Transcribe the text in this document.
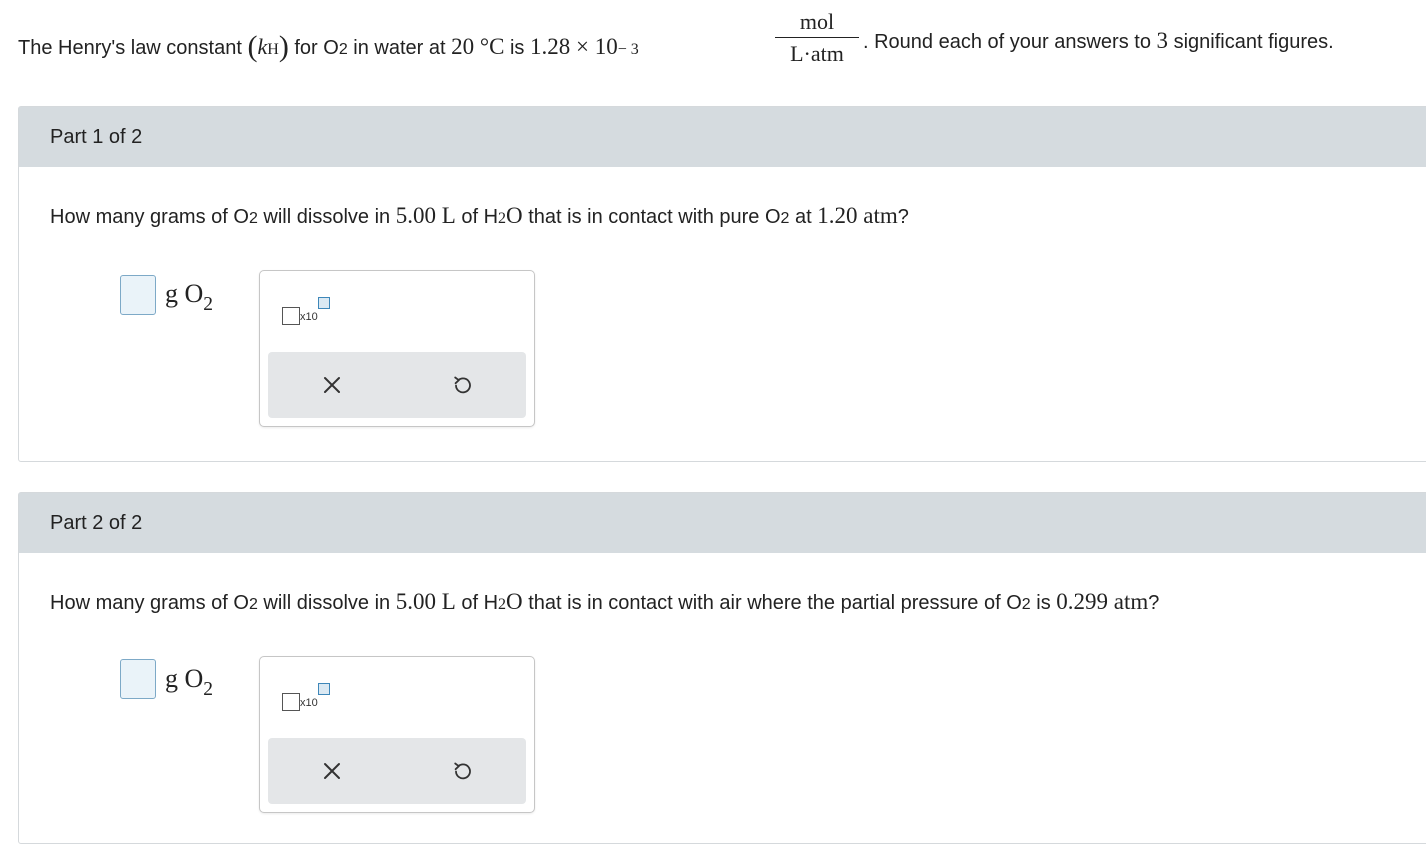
The Henry's law constant
( k H )
for O 2
in water at
20 °C
is
1.28 × 10 − 3
mol
L·atm . Round each of your answers to 3 significant figures.
Part 1 of 2
How many grams of O 2
will dissolve in
5.00 L
of H 2 O
that is in contact with pure O 2
at
1.20 atm ?
g $O_2$
x10
Part 2 of 2
How many grams of O 2
will dissolve in
5.00 L
of H 2 O
that is in contact with air where the partial pressure of O 2
is
0.299 atm ?
g $O_2$
x10
